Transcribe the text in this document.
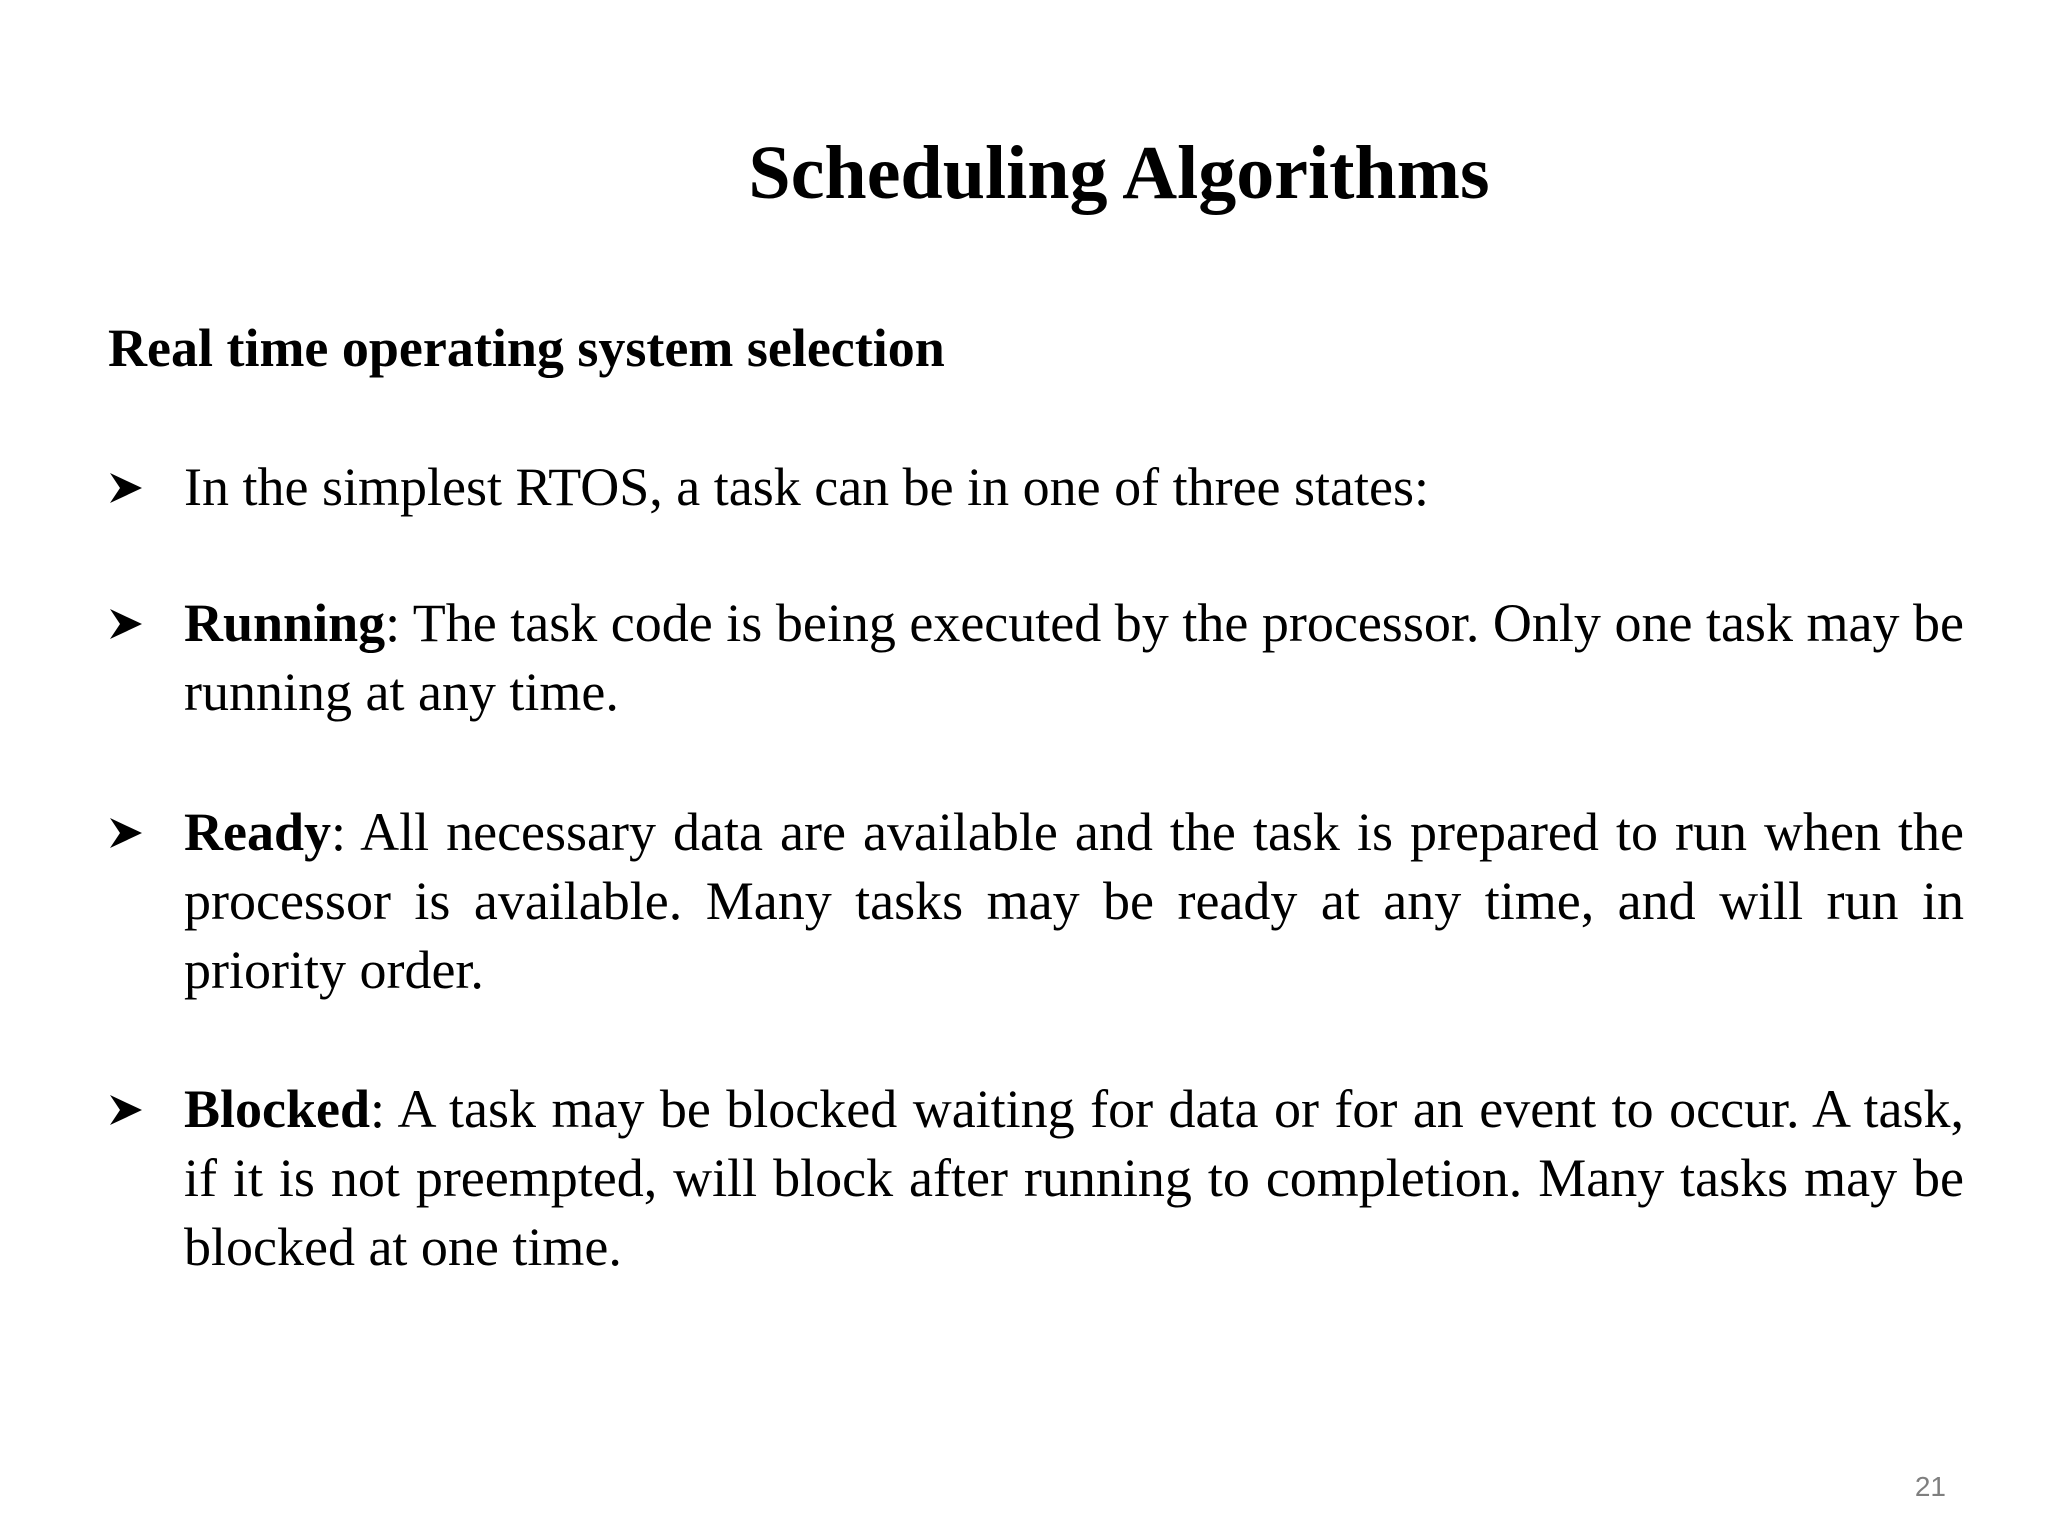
Scheduling Algorithms
Real time operating system selection
In the simplest RTOS, a task can be in one of three states:
Running: The task code is being executed by the processor. Only one task may be running at any time.
Ready: All necessary data are available and the task is prepared to run when the processor is available. Many tasks may be ready at any time, and will run in priority order.
Blocked: A task may be blocked waiting for data or for an event to occur. A task, if it is not preempted, will block after running to completion. Many tasks may be blocked at one time.
21
